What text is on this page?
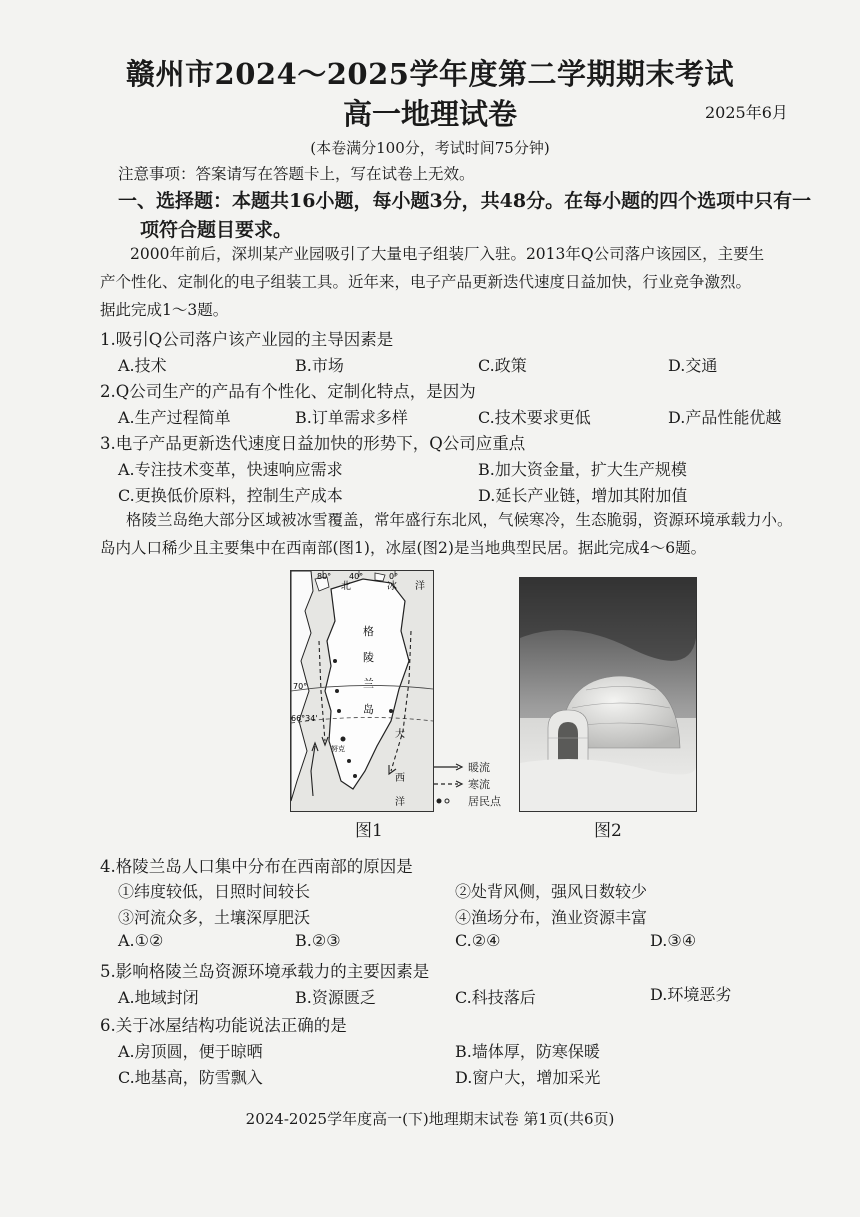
赣州市2024～2025学年度第二学期期末考试
高一地理试卷	2025年6月
(本卷满分100分，考试时间75分钟)
注意事项：答案请写在答题卡上，写在试卷上无效。
一、选择题：本题共16小题，每小题3分，共48分。在每小题的四个选项中只有一
项符合题目要求。
2000年前后，深圳某产业园吸引了大量电子组装厂入驻。2013年Q公司落户该园区，主要生
产个性化、定制化的电子组装工具。近年来，电子产品更新迭代速度日益加快，行业竞争激烈。
据此完成1～3题。
1.吸引Q公司落户该产业园的主导因素是
A.技术	B.市场	C.政策	D.交通
2.Q公司生产的产品有个性化、定制化特点，是因为
A.生产过程简单	B.订单需求多样	C.技术要求更低	D.产品性能优越
3.电子产品更新迭代速度日益加快的形势下，Q公司应重点
A.专注技术变革，快速响应需求	B.加大资金量，扩大生产规模
C.更换低价原料，控制生产成本	D.延长产业链，增加其附加值
格陵兰岛绝大部分区域被冰雪覆盖，常年盛行东北风，气候寒冷，生态脆弱，资源环境承载力小。
岛内人口稀少且主要集中在西南部(图1)，冰屋(图2)是当地典型民居。据此完成4～6题。
80° 40°	0°
70°
66°34'
北	冰 洋
格
陵
兰
岛
努克
大
西
洋
暖流
寒流
居民点
图1	图2
4.格陵兰岛人口集中分布在西南部的原因是
①纬度较低，日照时间较长	②处背风侧，强风日数较少
③河流众多，土壤深厚肥沃	④渔场分布，渔业资源丰富
A.①②	B.②③	C.②④	D.③④
5.影响格陵兰岛资源环境承载力的主要因素是
A.地域封闭	B.资源匮乏	C.科技落后	D.环境恶劣
6.关于冰屋结构功能说法正确的是
A.房顶圆，便于晾晒	B.墙体厚，防寒保暖
C.地基高，防雪飘入	D.窗户大，增加采光
2024-2025学年度高一(下)地理期末试卷 第1页(共6页)
